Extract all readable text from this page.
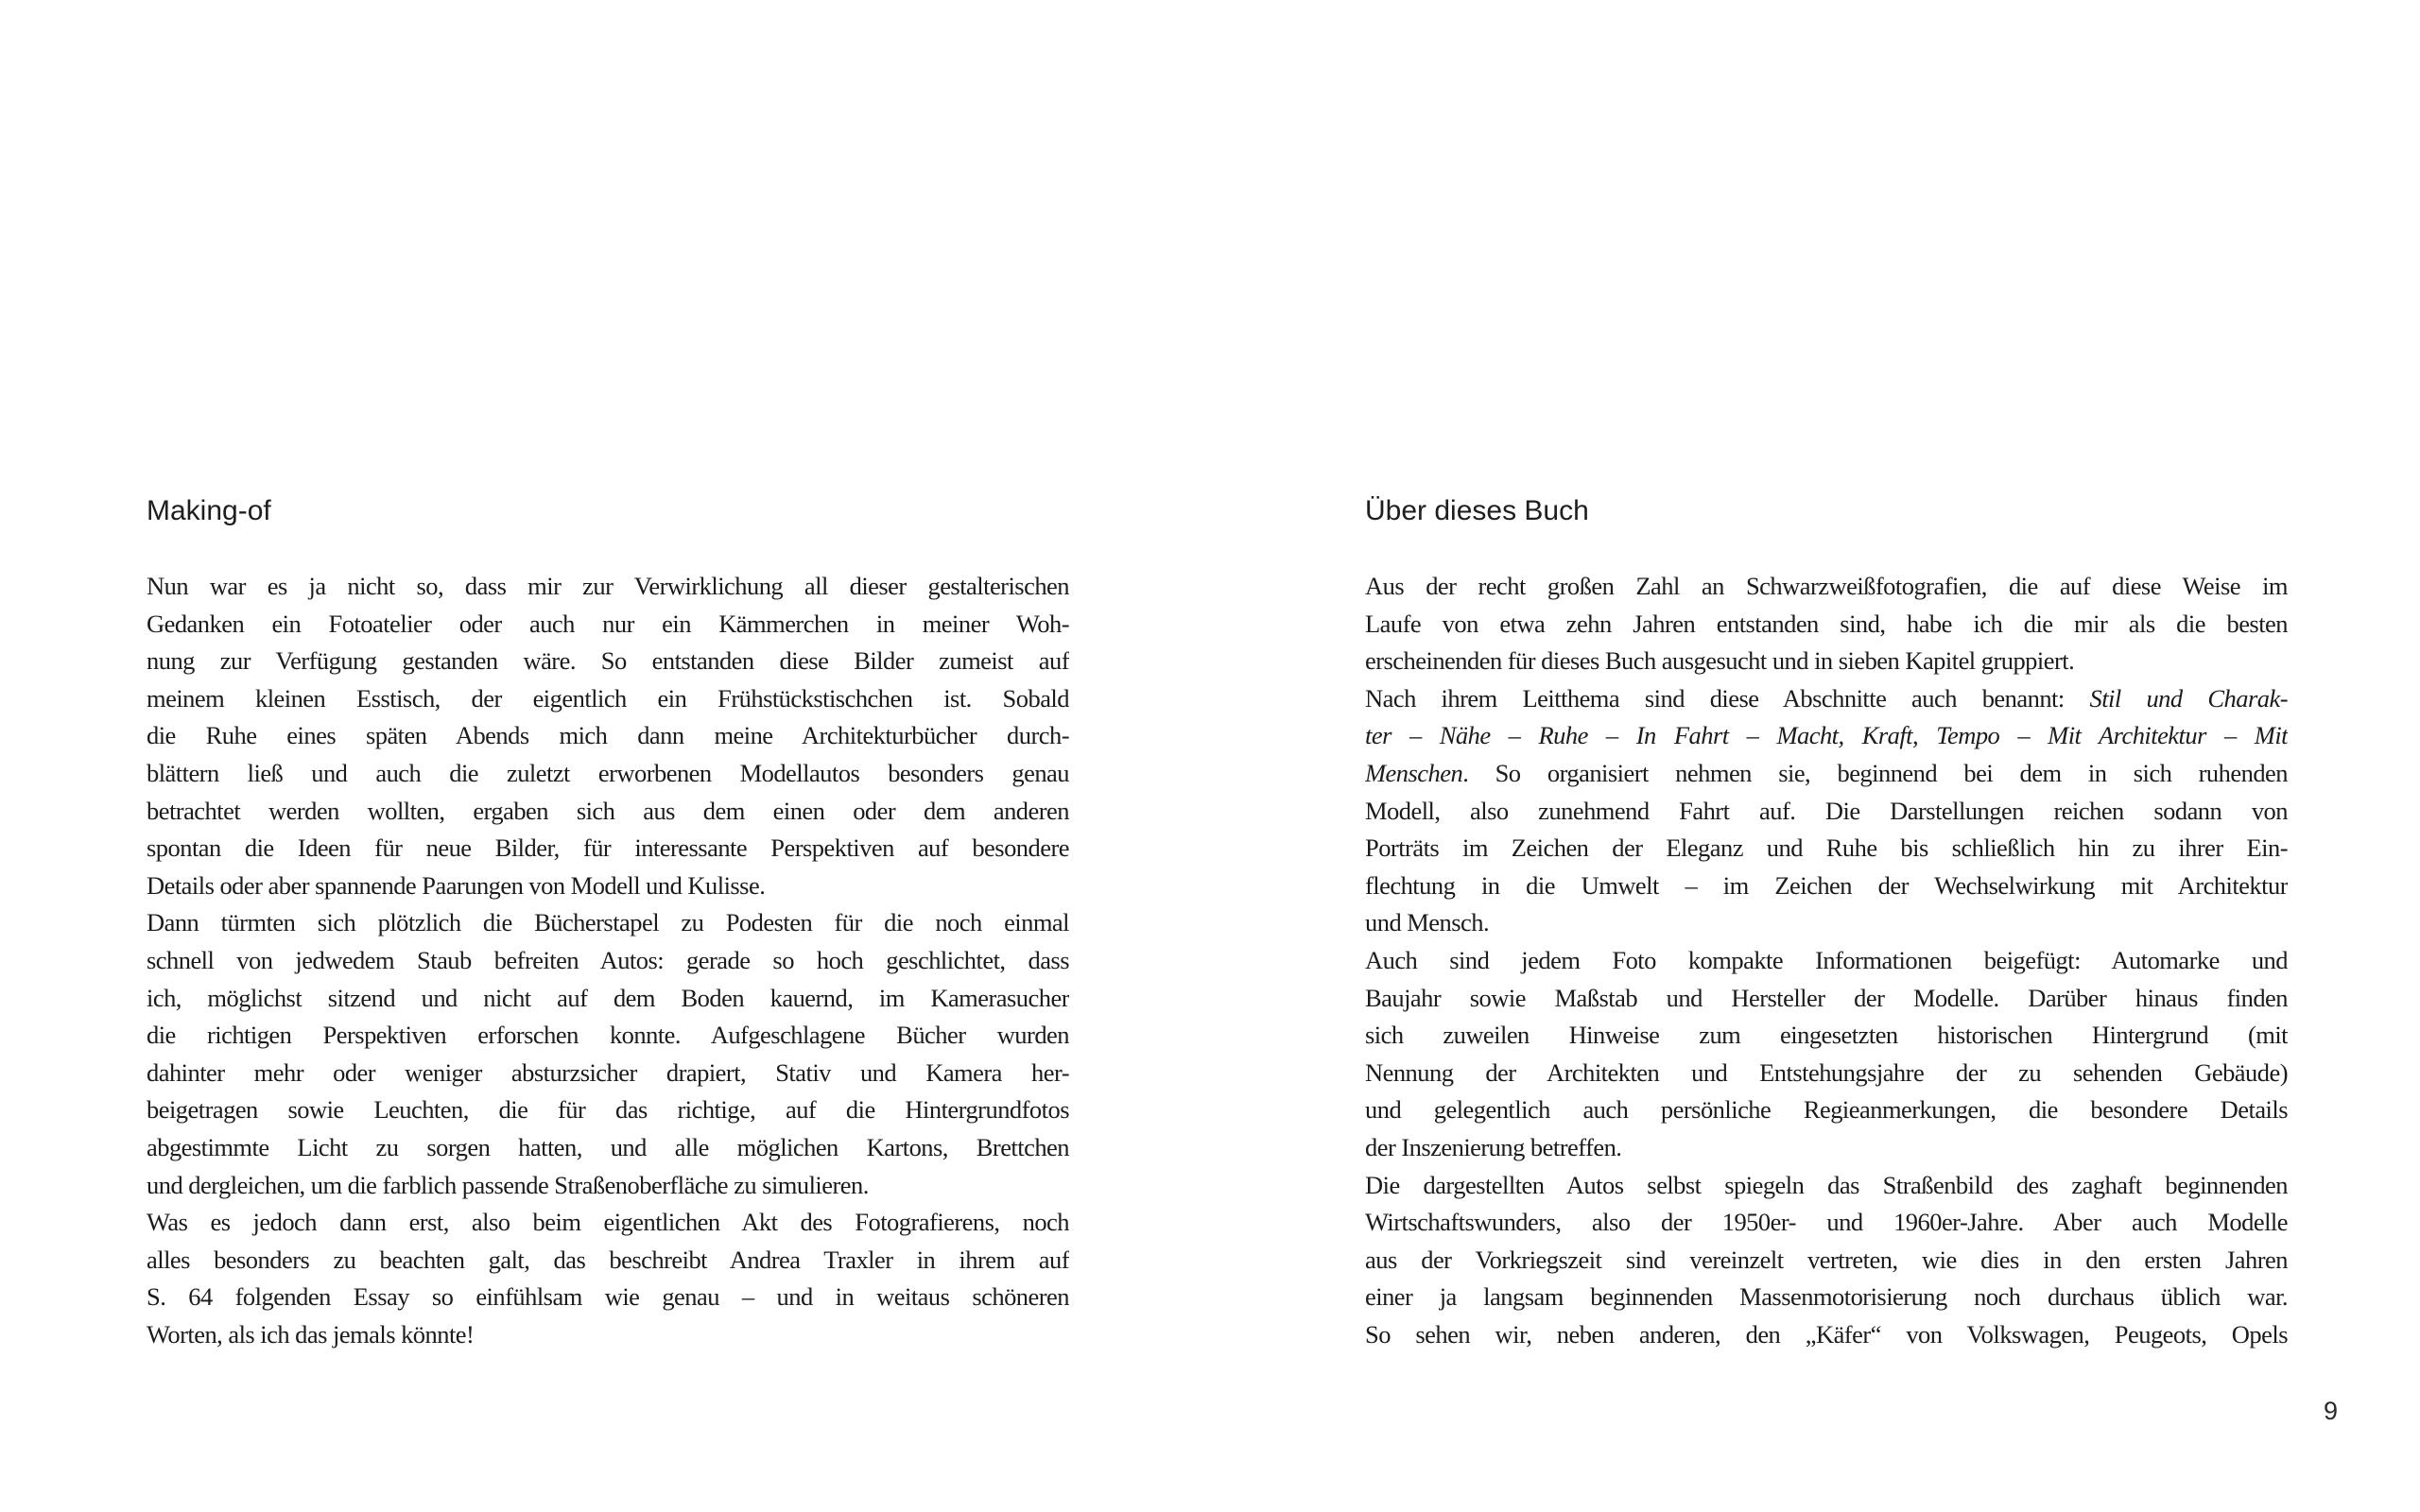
Making-of
Nun war es ja nicht so, dass mir zur Verwirklichung all dieser gestalterischen
Gedanken ein Fotoatelier oder auch nur ein Kämmerchen in meiner Woh-
nung zur Verfügung gestanden wäre. So entstanden diese Bilder zumeist auf
meinem kleinen Esstisch, der eigentlich ein Frühstückstischchen ist. Sobald
die Ruhe eines späten Abends mich dann meine Architekturbücher durch-
blättern ließ und auch die zuletzt erworbenen Modellautos besonders genau
betrachtet werden wollten, ergaben sich aus dem einen oder dem anderen
spontan die Ideen für neue Bilder, für interessante Perspektiven auf besondere
Details oder aber spannende Paarungen von Modell und Kulisse.
Dann türmten sich plötzlich die Bücherstapel zu Podesten für die noch einmal
schnell von jedwedem Staub befreiten Autos: gerade so hoch geschlichtet, dass
ich, möglichst sitzend und nicht auf dem Boden kauernd, im Kamerasucher
die richtigen Perspektiven erforschen konnte. Aufgeschlagene Bücher wurden
dahinter mehr oder weniger absturzsicher drapiert, Stativ und Kamera her-
beigetragen sowie Leuchten, die für das richtige, auf die Hintergrundfotos
abgestimmte Licht zu sorgen hatten, und alle möglichen Kartons, Brettchen
und dergleichen, um die farblich passende Straßenoberfläche zu simulieren.
Was es jedoch dann erst, also beim eigentlichen Akt des Fotografierens, noch
alles besonders zu beachten galt, das beschreibt Andrea Traxler in ihrem auf
S. 64 folgenden Essay so einfühlsam wie genau – und in weitaus schöneren
Worten, als ich das jemals könnte!
Über dieses Buch
Aus der recht großen Zahl an Schwarzweißfotografien, die auf diese Weise im
Laufe von etwa zehn Jahren entstanden sind, habe ich die mir als die besten
erscheinenden für dieses Buch ausgesucht und in sieben Kapitel gruppiert.
Nach ihrem Leitthema sind diese Abschnitte auch benannt: Stil und Charak-
ter – Nähe – Ruhe – In Fahrt – Macht, Kraft, Tempo – Mit Architektur – Mit
Menschen. So organisiert nehmen sie, beginnend bei dem in sich ruhenden
Modell, also zunehmend Fahrt auf. Die Darstellungen reichen sodann von
Porträts im Zeichen der Eleganz und Ruhe bis schließlich hin zu ihrer Ein-
flechtung in die Umwelt – im Zeichen der Wechselwirkung mit Architektur
und Mensch.
Auch sind jedem Foto kompakte Informationen beigefügt: Automarke und
Baujahr sowie Maßstab und Hersteller der Modelle. Darüber hinaus finden
sich zuweilen Hinweise zum eingesetzten historischen Hintergrund (mit
Nennung der Architekten und Entstehungsjahre der zu sehenden Gebäude)
und gelegentlich auch persönliche Regieanmerkungen, die besondere Details
der Inszenierung betreffen.
Die dargestellten Autos selbst spiegeln das Straßenbild des zaghaft beginnenden
Wirtschaftswunders, also der 1950er- und 1960er-Jahre. Aber auch Modelle
aus der Vorkriegszeit sind vereinzelt vertreten, wie dies in den ersten Jahren
einer ja langsam beginnenden Massenmotorisierung noch durchaus üblich war.
So sehen wir, neben anderen, den „Käfer“ von Volkswagen, Peugeots, Opels
9
